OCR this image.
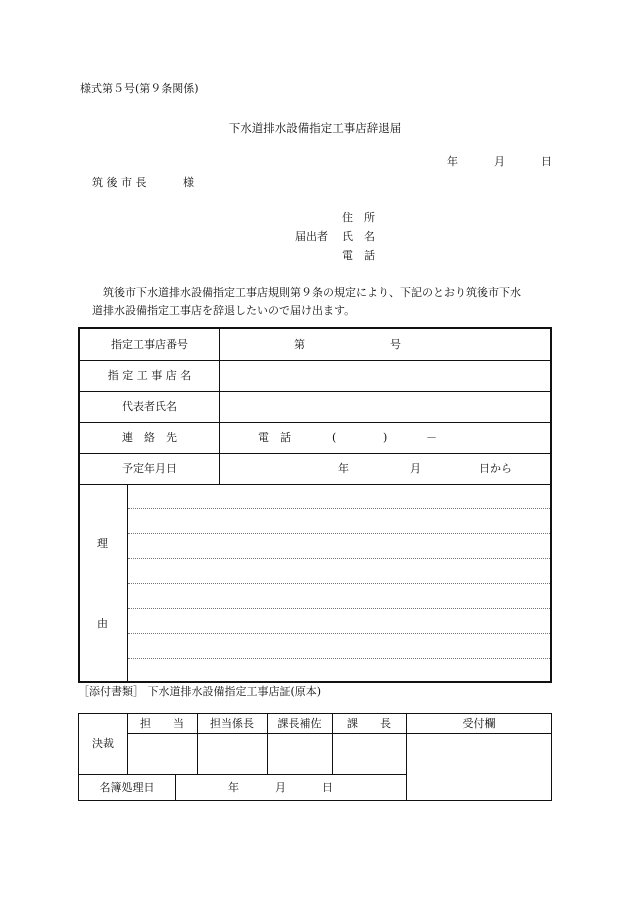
様式第５号(第９条関係)
下水道排水設備指定工事店辞退届
年	月	日
筑 後 市 長	様
住　所
届出者 氏　名
電　話
筑後市下水道排水設備指定工事店規則第９条の規定により、下記のとおり筑後市下水
道排水設備指定工事店を辞退したいので届け出ます。
指定工事店番号	第	号
指 定 工 事 店 名
代表者氏名
連　絡　先	電　話	(	)	－
予定年月日	年	月	日から
理
由
［添付書類］ 下水道排水設備指定工事店証(原本)
決裁
担　　当	担当係長	課長補佐	課　　長	受付欄
名簿処理日	年	月	日
